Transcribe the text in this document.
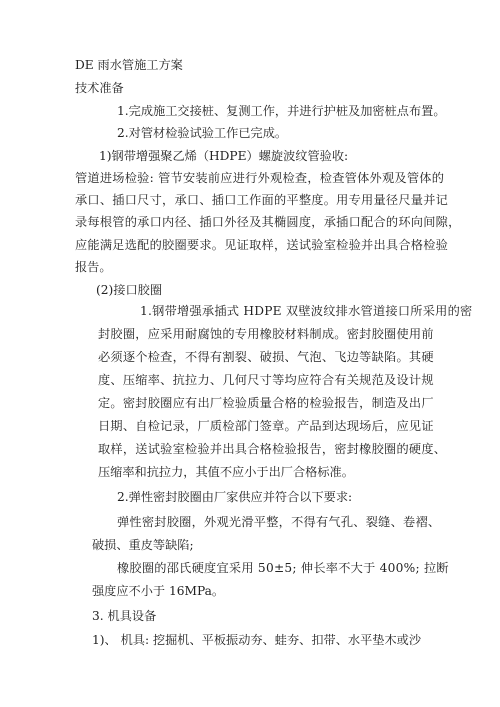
DE 雨水管施工方案
技术准备
1.完成施工交接桩、复测工作，并进行护桩及加密桩点布置。
2.对管材检验试验工作已完成。
1)钢带增强聚乙烯（HDPE）螺旋波纹管验收:
管道进场检验: 管节安装前应进行外观检查，检查管体外观及管体的
承口、插口尺寸，承口、插口工作面的平整度。用专用量径尺量并记
录每根管的承口内径、插口外径及其椭圆度，承插口配合的环向间隙，
应能满足选配的胶圈要求。见证取样，送试验室检验并出具合格检验
报告。
(2)接口胶圈
1.钢带增强承插式 HDPE 双壁波纹排水管道接口所采用的密
封胶圈，应采用耐腐蚀的专用橡胶材料制成。密封胶圈使用前
必须逐个检查，不得有割裂、破损、气泡、飞边等缺陷。其硬
度、压缩率、抗拉力、几何尺寸等均应符合有关规范及设计规
定。密封胶圈应有出厂检验质量合格的检验报告，制造及出厂
日期、自检记录，厂质检部门签章。产品到达现场后，应见证
取样，送试验室检验并出具合格检验报告，密封橡胶圈的硬度、
压缩率和抗拉力，其值不应小于出厂合格标准。
2.弹性密封胶圈由厂家供应并符合以下要求:
弹性密封胶圈，外观光滑平整，不得有气孔、裂缝、卷褶、
破损、重皮等缺陷;
橡胶圈的邵氏硬度宜采用 50±5; 伸长率不大于 400%; 拉断
强度应不小于 16MPa。
3. 机具设备
1)、 机具: 挖掘机、平板振动夯、蛙夯、扣带、水平垫木或沙
